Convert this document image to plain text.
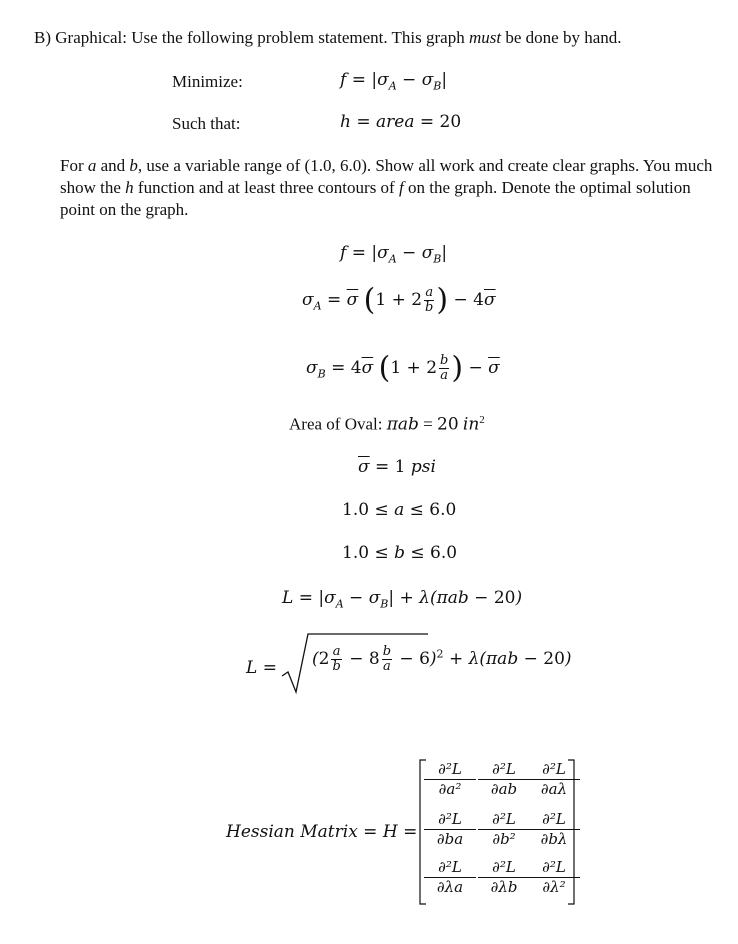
B) Graphical: Use the following problem statement. This graph must be done by hand.
Minimize:	$f = |\sigma_A - \sigma_B|$
Such that:	h = area = 20
For a and b, use a variable range of (1.0, 6.0). Show all work and create clear graphs. You much show the h function and at least three contours of f on the graph. Denote the optimal solution point on the graph.
$f = |\sigma_A - \sigma_B|$
$\sigma_A = \overline{\sigma}$ ($1 + 2 \frac{a}{b}$ ) − $4\overline{\sigma}$
$\sigma_B = 4\overline{\sigma}$ ($1 + 2 \frac{b}{a}$ ) − $\overline{\sigma}$
Area of Oval: πab = 20 $in^2$
$\overline{\sigma} = 1$ psi
1.0 ≤ a ≤ 6.0
1.0 ≤ b ≤ 6.0
$L = |\sigma_A - \sigma_B| + \lambda(\pi ab - 20)$
$L = (2 \frac{a}{b} - 8 \frac{b}{a} - 6)^2 + \lambda(\pi ab - 20)$
Hessian Matrix = H =
$\frac{\text{∂²L}}{\text{∂a²}} \frac{\text{∂²L}}{\partial ab}$
$\frac{\text{∂²L}}{\partial a\lambda}$
$\frac{\text{∂²L}}{\partial ba} \frac{\text{∂²L}}{\text{∂b²}}$
$\frac{\text{∂²L}}{\partial b\lambda}$
$\frac{\text{∂²L}}{\partial\lambda a} \frac{\text{∂²L}}{\partial\lambda b}$
$\frac{\text{∂²L}}{\text{∂λ²}}$
